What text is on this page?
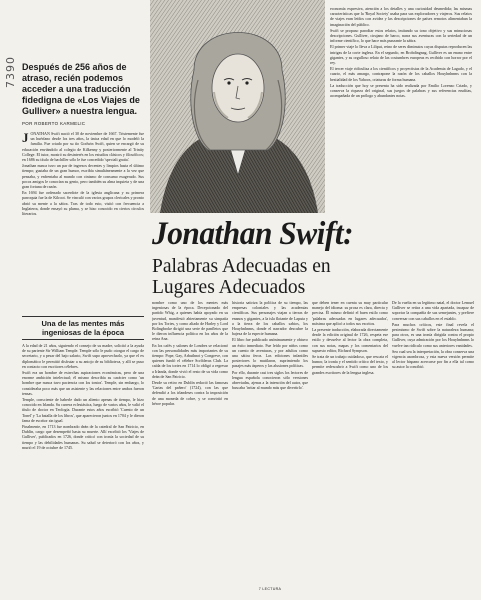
7390 Después de 256 años de atraso, recién podemos acceder a una traducción fidedigna de «Los Viajes de Gulliver» a nuestra lengua.
POR ROBERTO KARMELIC

JONATHAN Swift nació el 30 de noviembre de 1667. Tristemente fue un huérfano desde los tres años, la única edad en que lo modeló la familia. Fue criado por su tío Godwin Swift, quien se encargó de su educación enviándolo al colegio de Kilkenny y posteriormente al Trinity College. El tutor, mostró su desinterés en los estudios clásicos y filosóficos; en 1686 su título de bachiller sólo le fue concedido 'speciali gratia'.

Jonathan nunca tuvo un par de ingresos decentes y limpios hasta el último tiempo; gustaba de un gran humor, escribía simultáneamente a la vez que pensaba, y enfrentaba al mundo con cinismo de consumo exagerado. Sus pocos amigos le conocían su genio, pero también su alma inquieta y de una gran fortuna de razón.

En 1694 fue ordenado sacerdote de la iglesia anglicana y su primera parroquia fue la de Kilroot. Se vinculó con varios grupos clericales y pronto abrió su mente a la sátira. Tras de todo esto, visitó con frecuencia a Inglaterra, donde ensayó su pluma, y se hizo conocido en ciertos círculos literarios.

Una de las mentes más ingeniosas de la época

A la edad de 21 años, siguiendo el consejo de su madre, solicitó a la ayuda de su pariente Sir William Temple. Temple sólo le pudo otorgar el cargo de secretario, y a pesar del bajo salario, Swift supo aprovecharlo, ya que el ex diplomático le permitió disfrutar a su antojo de su biblioteca, y allí se puso en contacto con escritores célebres.

Swift era un hombre de estrechas aspiraciones económicas, pero de una enorme ambición intelectual; él mismo describía su carácter como 'un hombre que nunca tuvo paciencia con los tontos'. Temple, sin embargo, lo consideraba poco más que un asistente y las relaciones entre ambos fueron tensas.

Temple, consciente de haberle dado un aliento apenas de tiempo, le hizo conocido en Irlanda. Su carrera eclesiástica, luego de varios años, le valió el título de doctor en Teología. Durante estos años escribió 'Cuento de un Tonel' y 'La batalla de los libros', que aparecieron juntos en 1704 y le dieron fama de escritor sin igual.

Finalmente, en 1713 fue nombrado deán de la catedral de San Patricio, en Dublín, cargo que desempeñó hasta su muerte. Allí escribió los 'Viajes de Gulliver', publicados en 1726, donde criticó con ironía la sociedad de su tiempo y las debilidades humanas. Su salud se deterioró con los años, y murió el 19 de octubre de 1745.

Jonathan Swift:
Palabras Adecuadas en Lugares Adecuados

nombre como uno de los mentes más ingeniosas de la época. Decepcionado del partido Whig, a quienes había apoyado en su juventud, manifestó abiertamente su simpatía por los Tories, y como aliado de Harley y Lord Bolingbroke dirigió una serie de panfletos que le dieron influencia política en los años de la reina Ana.

En los cafés y salones de Londres se relacionó con las personalidades más importantes de su tiempo: Pope, Gay, Arbuthnot y Congreve, con quienes fundó el célebre Scriblerus Club. La caída de los tories en 1714 lo obligó a regresar a Irlanda, donde vivió el resto de su vida como deán de San Patricio.

Desde su retiro en Dublín redactó las famosas 'Cartas del pañero' (1724), con las que defendió a los irlandeses contra la imposición de una moneda de cobre, y se convirtió en héroe popular.

historia satiriza la política de su tiempo, las empresas coloniales y las academias científicas. Sus personajes viajan a tierras de enanos y gigantes, a la isla flotante de Laputa y a la tierra de los caballos sabios, los Houyhnhnms, donde el narrador descubre la bajeza de la especie humana.

El libro fue publicado anónimamente y obtuvo un éxito inmediato. Fue leído por niños como un cuento de aventuras, y por adultos como una sátira feroz. Las ediciones infantiles posteriores lo mutilaron, suprimiendo los pasajes más ásperos y las alusiones políticas.

Por ello, durante casi tres siglos los lectores de lengua española conocieron sólo versiones abreviadas, ajenas a la intención del autor, que buscaba 'irritar al mundo más que divertirlo'.

que deben tener en cuenta su muy particular manejo del idioma: su prosa es clara, directa y precisa. Él mismo definió el buen estilo como 'palabras adecuadas en lugares adecuados', máxima que aplicó a todos sus escritos.

La presente traducción, elaborada directamente desde la edición original de 1726, respeta ese estilo y devuelve al lector la obra completa, con sus notas, mapas y los comentarios del supuesto editor, Richard Sympson.

Se trata de un trabajo cuidadoso, que rescata el humor, la ironía y el sentido crítico del texto, y permite redescubrir a Swift como uno de los grandes escritores de la lengua inglesa.

economía expresiva, atención a los detalles y una curiosidad desmedida; las mismas características que la 'Royal Society' usaba para sus exploradores y viajeros. Sus relatos de viajes eran leídos con avidez y las descripciones de países remotos alimentaban la imaginación del público.

Swift se propuso parodiar estos relatos, imitando su tono objetivo y sus minuciosas descripciones. Gulliver, cirujano de barco, narra sus aventuras con la seriedad de un informe científico, lo que hace más punzante la sátira.

El primer viaje lo lleva a Liliput, reino de seres diminutos cuyas disputas reproducen las intrigas de la corte inglesa. En el segundo, en Brobdingnag, Gulliver es un enano entre gigantes, y su orgulloso relato de las costumbres europeas es recibido con horror por el rey.

El tercer viaje ridiculiza a los científicos y proyectistas de la Academia de Lagado, y el cuarto, el más amargo, contrapone la razón de los caballos Houyhnhnms con la bestialidad de los Yahoos, criaturas de forma humana.

La traducción que hoy se presenta ha sido realizada por Emilio Lorenzo Criado, y conserva la riqueza del original, sus juegos de palabras y sus referencias eruditas, acompañada de un prólogo y abundantes notas.

De la vuelta en su legítimo natal, el doctor Lemuel Gulliver se retira a una vida apartada, incapaz de soportar la compañía de sus semejantes, y prefiere conversar con sus caballos en el establo.

Para muchos críticos, este final revela el pesimismo de Swift sobre la naturaleza humana; para otros, es una ironía dirigida contra el propio Gulliver, cuya admiración por los Houyhnhnms lo vuelve tan ridículo como sus anteriores vanidades.

Sea cual sea la interpretación, la obra conserva una vigencia asombrosa, y esta nueva versión permite al lector hispano acercarse por fin a ella tal como su autor la concibió.

7 LECTURA
